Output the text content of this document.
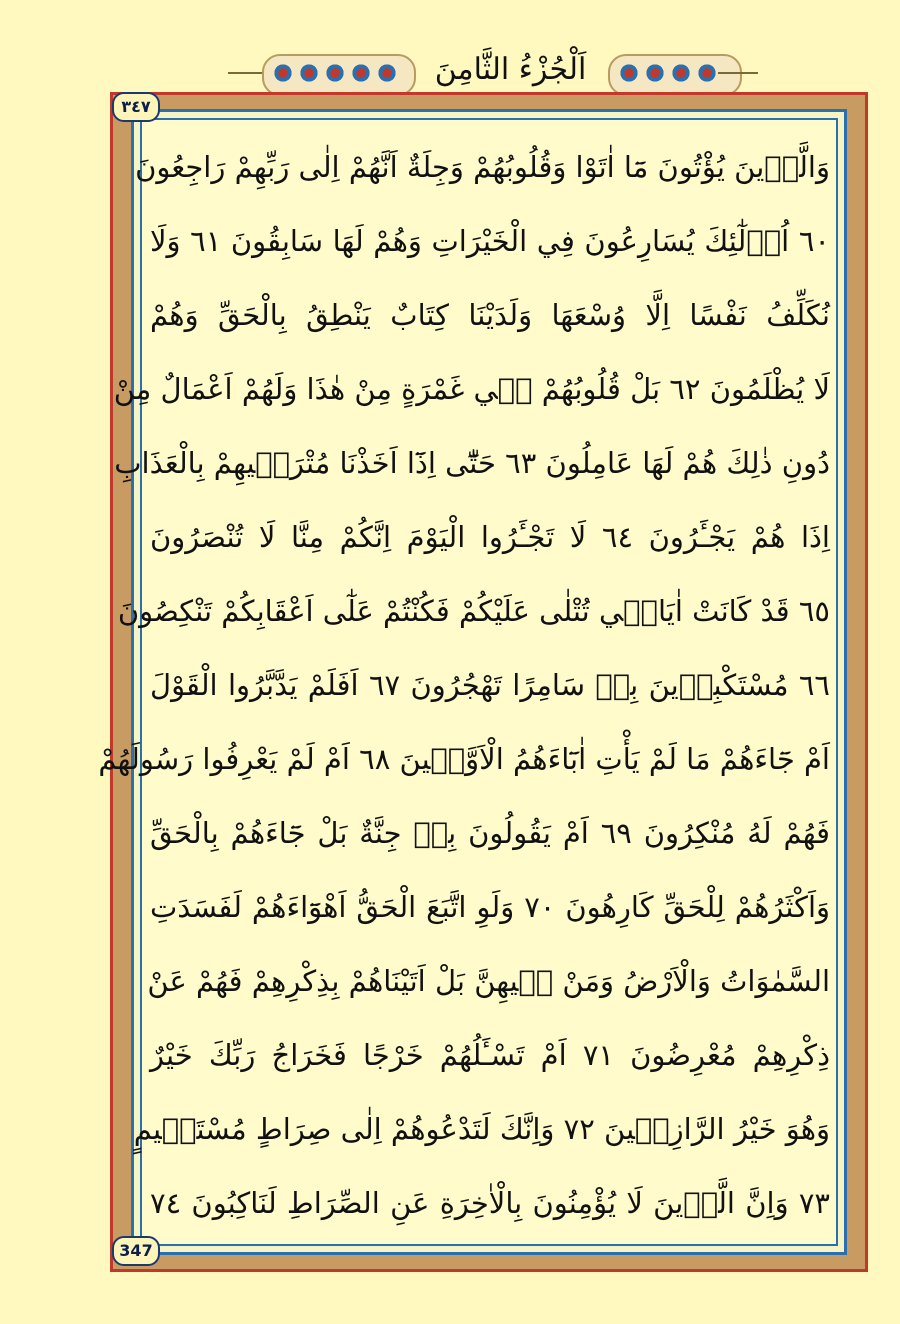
اَلْجُزْءُ الثَّامِنَ
٣٤٧
347
وَالَّذٖينَ يُؤْتُونَ مَٓا اٰتَوْا وَقُلُوبُهُمْ وَجِلَةٌ اَنَّهُمْ اِلٰى رَبِّهِمْ رَاجِعُونَ
٦٠ اُو۬لٰٓئِكَ يُسَارِعُونَ فِي الْخَيْرَاتِ وَهُمْ لَهَا سَابِقُونَ ٦١ وَلَا
نُكَلِّفُ نَفْسًا اِلَّا وُسْعَهَا وَلَدَيْنَا كِتَابٌ يَنْطِقُ بِالْحَقِّ وَهُمْ
لَا يُظْلَمُونَ ٦٢ بَلْ قُلُوبُهُمْ فٖي غَمْرَةٍ مِنْ هٰذَا وَلَهُمْ اَعْمَالٌ مِنْ
دُونِ ذٰلِكَ هُمْ لَهَا عَامِلُونَ ٦٣ حَتّٰٓى اِذَٓا اَخَذْنَا مُتْرَفٖيهِمْ بِالْعَذَابِ
اِذَا هُمْ يَجْـَٔرُونَ ٦٤ لَا تَجْـَٔرُوا الْيَوْمَ اِنَّكُمْ مِنَّا لَا تُنْصَرُونَ
٦٥ قَدْ كَانَتْ اٰيَاتٖي تُتْلٰى عَلَيْكُمْ فَكُنْتُمْ عَلٰٓى اَعْقَابِكُمْ تَنْكِصُونَ
٦٦ مُسْتَكْبِرٖينَ بِهٖ سَامِرًا تَهْجُرُونَ ٦٧ اَفَلَمْ يَدَّبَّرُوا الْقَوْلَ
اَمْ جَٓاءَهُمْ مَا لَمْ يَأْتِ اٰبَٓاءَهُمُ الْاَوَّلٖينَ ٦٨ اَمْ لَمْ يَعْرِفُوا رَسُولَهُمْ
فَهُمْ لَهُ مُنْكِرُونَ ٦٩ اَمْ يَقُولُونَ بِهٖ جِنَّةٌ بَلْ جَٓاءَهُمْ بِالْحَقِّ
وَاَكْثَرُهُمْ لِلْحَقِّ كَارِهُونَ ٧٠ وَلَوِ اتَّبَعَ الْحَقُّ اَهْوَٓاءَهُمْ لَفَسَدَتِ
السَّمٰوَاتُ وَالْاَرْضُ وَمَنْ فٖيهِنَّ بَلْ اَتَيْنَاهُمْ بِذِكْرِهِمْ فَهُمْ عَنْ
ذِكْرِهِمْ مُعْرِضُونَ ٧١ اَمْ تَسْـَٔلُهُمْ خَرْجًا فَخَرَاجُ رَبِّكَ خَيْرٌ
وَهُوَ خَيْرُ الرَّازِقٖينَ ٧٢ وَاِنَّكَ لَتَدْعُوهُمْ اِلٰى صِرَاطٍ مُسْتَقٖيمٍ
٧٣ وَاِنَّ الَّذٖينَ لَا يُؤْمِنُونَ بِالْاٰخِرَةِ عَنِ الصِّرَاطِ لَنَاكِبُونَ ٧٤
